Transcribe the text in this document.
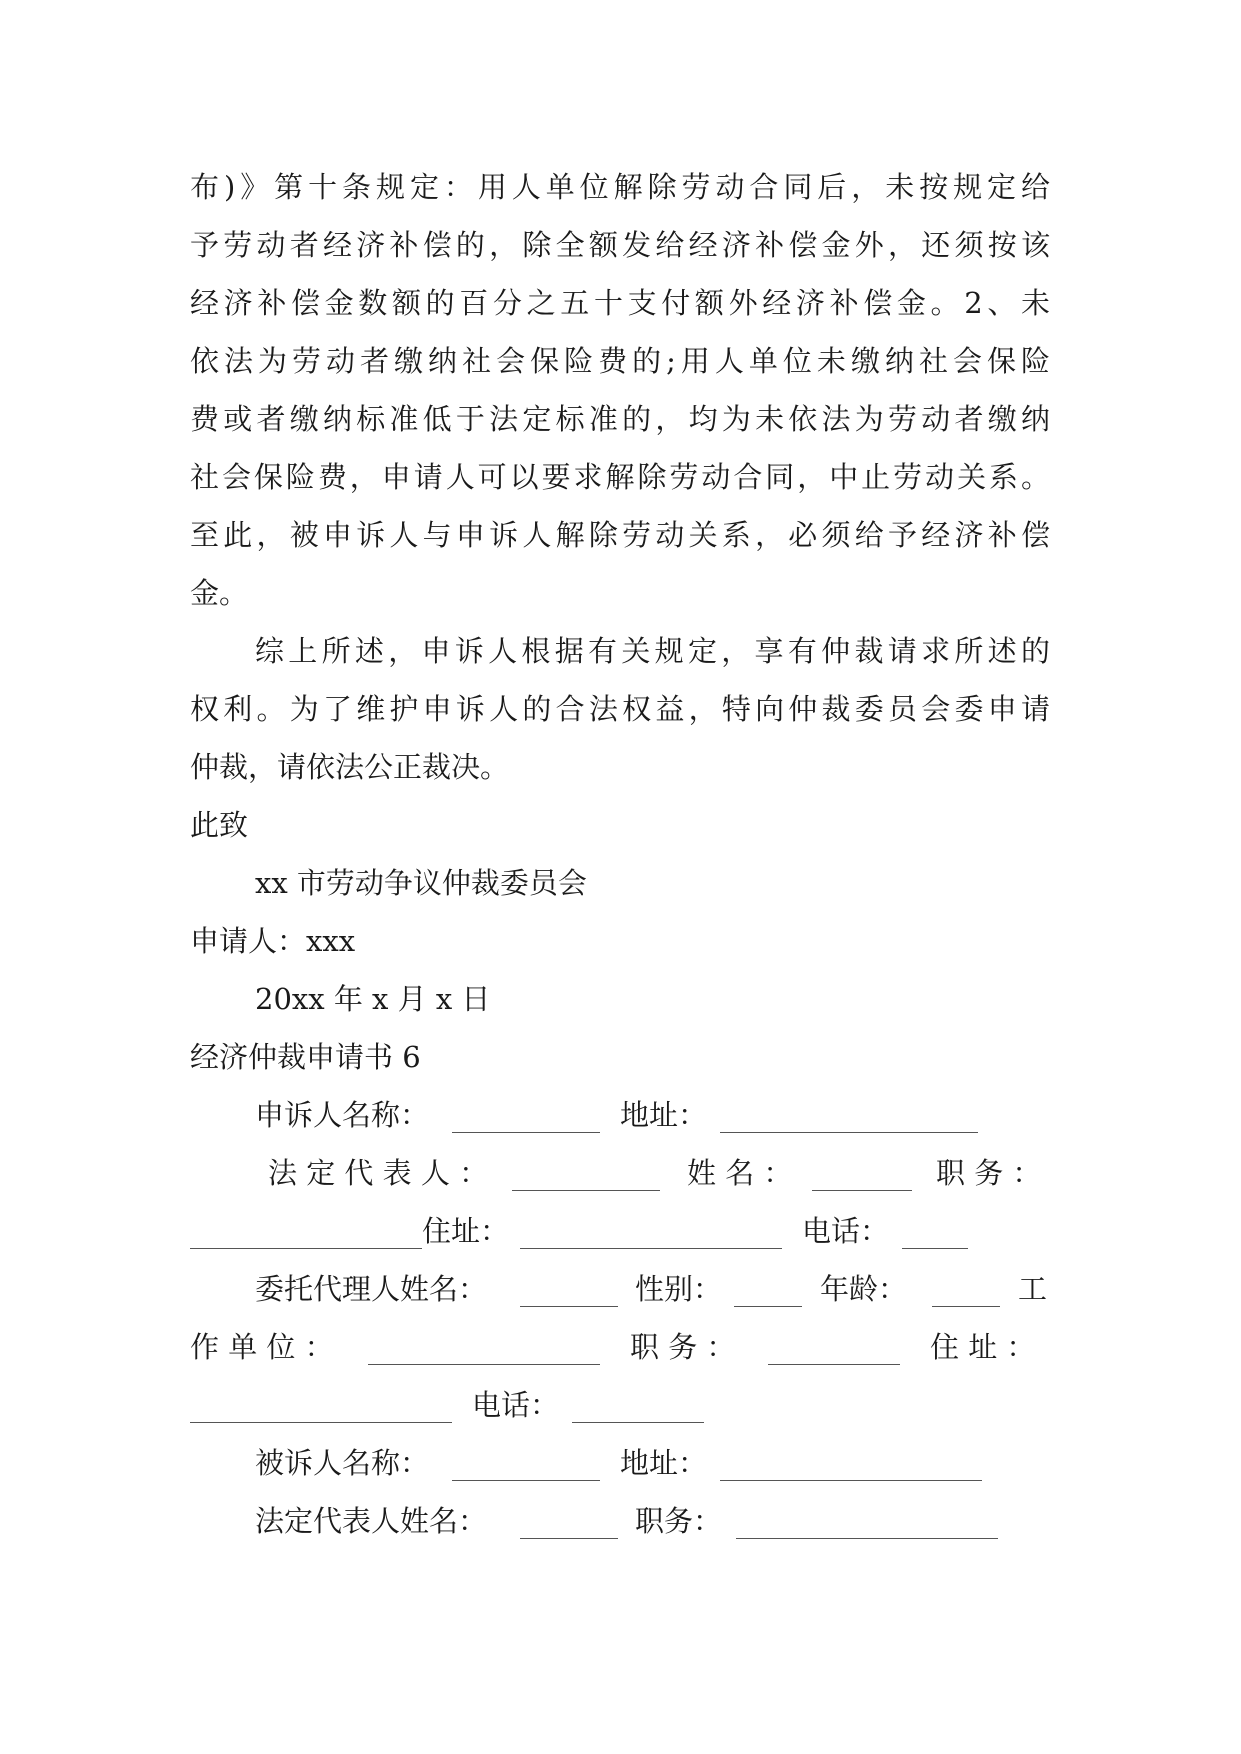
布)》第十条规定：用人单位解除劳动合同后，未按规定给
予劳动者经济补偿的，除全额发给经济补偿金外，还须按该
经济补偿金数额的百分之五十支付额外经济补偿金。2、未
依法为劳动者缴纳社会保险费的;用人单位未缴纳社会保险
费或者缴纳标准低于法定标准的，均为未依法为劳动者缴纳
社会保险费，申请人可以要求解除劳动合同，中止劳动关系。
至此，被申诉人与申诉人解除劳动关系，必须给予经济补偿
金。
综上所述，申诉人根据有关规定，享有仲裁请求所述的
权利。为了维护申诉人的合法权益，特向仲裁委员会委申请
仲裁，请依法公正裁决。
此致
xx 市劳动争议仲裁委员会
申请人：xxx
20xx 年 x 月 x 日
经济仲裁申请书 6
申诉人名称：	地址：
法 定 代 表 人 ：	姓 名 ：	职 务 ：
住址：	电话：
委托代理人姓名：	性别：	年龄：	工
作 单 位 ：	职 务 ：	住 址 ：
电话：
被诉人名称：	地址：
法定代表人姓名：	职务：
